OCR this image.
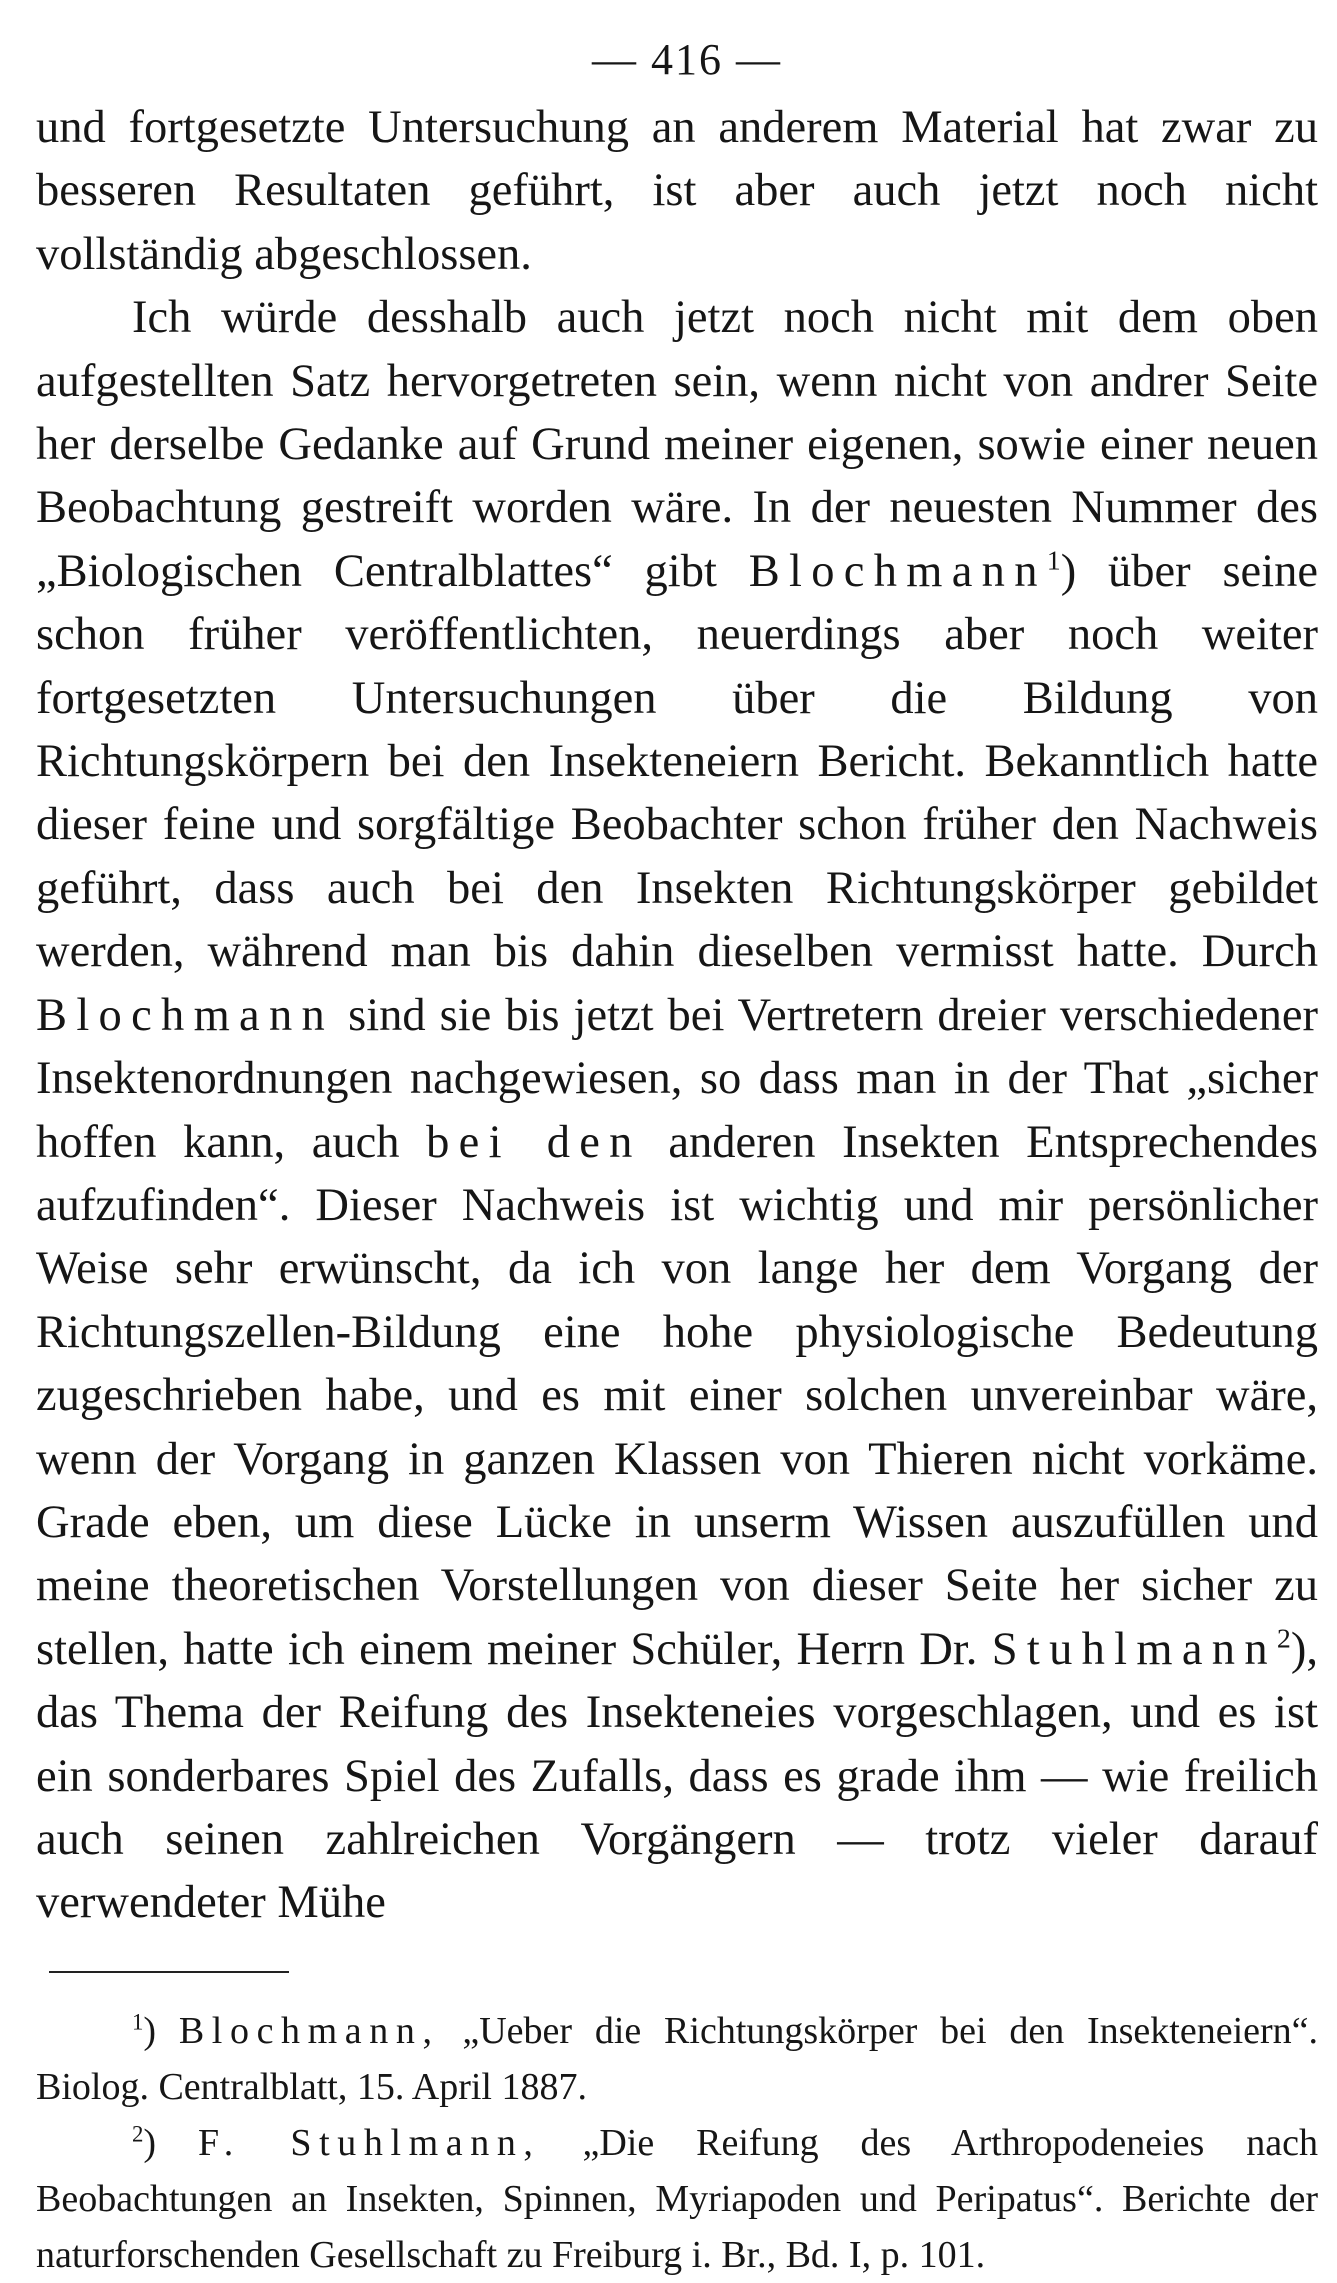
— 416 —

und fortgesetzte Untersuchung an anderem Material hat zwar zu besseren Resultaten geführt, ist aber auch jetzt noch nicht vollständig abgeschlossen.

Ich würde desshalb auch jetzt noch nicht mit dem oben aufgestellten Satz hervorgetreten sein, wenn nicht von andrer Seite her derselbe Gedanke auf Grund meiner eigenen, sowie einer neuen Beobachtung gestreift worden wäre. In der neuesten Nummer des „Biologischen Centralblattes“ gibt Blochmann$^1$) über seine schon früher veröffentlichten, neuerdings aber noch weiter fortgesetzten Untersuchungen über die Bildung von Richtungskörpern bei den Insekteneiern Bericht. Bekanntlich hatte dieser feine und sorgfältige Beobachter schon früher den Nachweis geführt, dass auch bei den Insekten Richtungskörper gebildet werden, während man bis dahin dieselben vermisst hatte. Durch Blochmann sind sie bis jetzt bei Vertretern dreier verschiedener Insektenordnungen nachgewiesen, so dass man in der That „sicher hoffen kann, auch bei den anderen Insekten Entsprechendes aufzufinden“. Dieser Nachweis ist wichtig und mir persönlicher Weise sehr erwünscht, da ich von lange her dem Vorgang der Richtungszellen-Bildung eine hohe physiologische Bedeutung zugeschrieben habe, und es mit einer solchen unvereinbar wäre, wenn der Vorgang in ganzen Klassen von Thieren nicht vorkäme. Grade eben, um diese Lücke in unserm Wissen auszufüllen und meine theoretischen Vorstellungen von dieser Seite her sicher zu stellen, hatte ich einem meiner Schüler, Herrn Dr. Stuhlmann$^2$), das Thema der Reifung des Insekteneies vorgeschlagen, und es ist ein sonderbares Spiel des Zufalls, dass es grade ihm — wie freilich auch seinen zahlreichen Vorgängern — trotz vieler darauf verwendeter Mühe

$^1$) Blochmann, „Ueber die Richtungskörper bei den Insekteneiern“. Biolog. Centralblatt, 15. April 1887.

$^2$) F. Stuhlmann, „Die Reifung des Arthropodeneies nach Beobachtungen an Insekten, Spinnen, Myriapoden und Peripatus“. Berichte der naturforschenden Gesellschaft zu Freiburg i. Br., Bd. I, p. 101.
